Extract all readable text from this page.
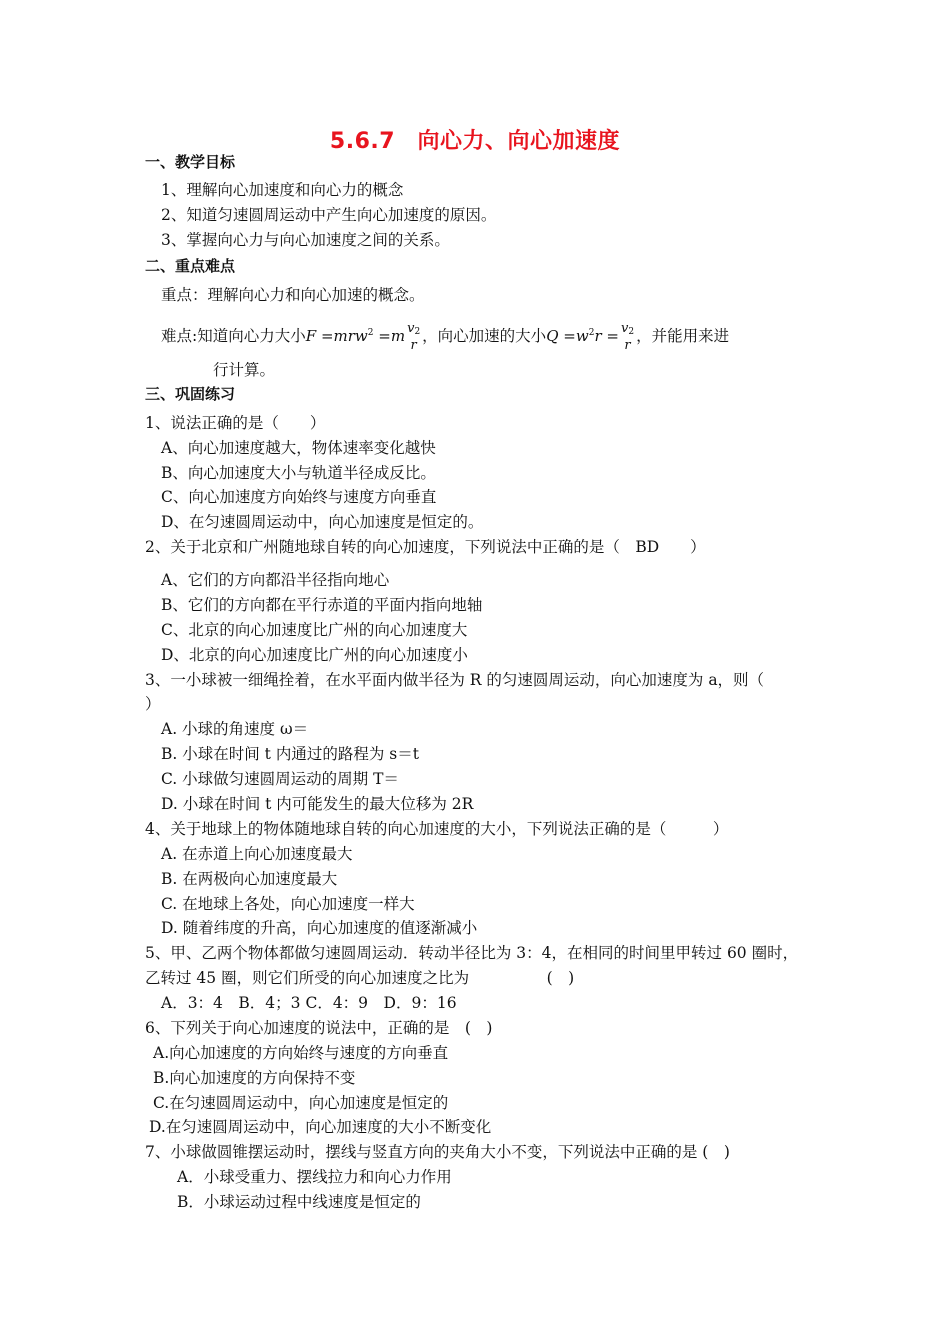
5.6.7　向心力、向心加速度
一、教学目标
1、理解向心加速度和向心力的概念
2、知道匀速圆周运动中产生向心加速度的原因。
3、掌握向心力与向心加速度之间的关系。
二、重点难点
重点：理解向心力和向心加速的概念。
难点:知道向心力大小F =mrw$^2$ =m $v_2$
r ，向心加速的大小$Q =w^2r = v_2$
r ，并能用来进
行计算。
三、巩固练习
1、说法正确的是（　　）
A、向心加速度越大，物体速率变化越快
B、向心加速度大小与轨道半径成反比。
C、向心加速度方向始终与速度方向垂直
D、在匀速圆周运动中，向心加速度是恒定的。
2、关于北京和广州随地球自转的向心加速度，下列说法中正确的是（　BD　　）
A、它们的方向都沿半径指向地心
B、它们的方向都在平行赤道的平面内指向地轴
C、北京的向心加速度比广州的向心加速度大
D、北京的向心加速度比广州的向心加速度小
3、一小球被一细绳拴着，在水平面内做半径为 R 的匀速圆周运动，向心加速度为 a，则（
）
A. 小球的角速度 ω＝
B. 小球在时间 t 内通过的路程为 s＝t
C. 小球做匀速圆周运动的周期 T＝
D. 小球在时间 t 内可能发生的最大位移为 2R
4、关于地球上的物体随地球自转的向心加速度的大小，下列说法正确的是（　　　）
A. 在赤道上向心加速度最大
B. 在两极向心加速度最大
C. 在地球上各处，向心加速度一样大
D. 随着纬度的升高，向心加速度的值逐渐减小
5、甲、乙两个物体都做匀速圆周运动．转动半径比为 3：4，在相同的时间里甲转过 60 圈时，
乙转过 45 圈，则它们所受的向心加速度之比为　　　　　(　)
A．3：4　B．4；3 C．4：9　D．9：16
6、下列关于向心加速度的说法中，正确的是　(　)
A.向心加速度的方向始终与速度的方向垂直
B.向心加速度的方向保持不变
C.在匀速圆周运动中，向心加速度是恒定的
D.在匀速圆周运动中，向心加速度的大小不断变化
7、小球做圆锥摆运动时，摆线与竖直方向的夹角大小不变，下列说法中正确的是 (　)
A．小球受重力、摆线拉力和向心力作用
B．小球运动过程中线速度是恒定的
